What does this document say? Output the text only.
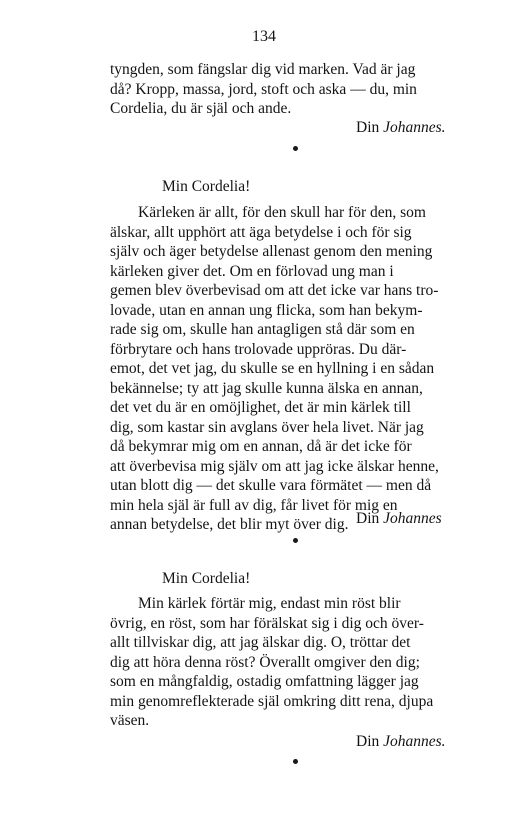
134

tyngden, som fängslar dig vid marken. Vad är jag

då? Kropp, massa, jord, stoft och aska — du, min

Cordelia, du är själ och ande.

Din Johannes.
Min Cordelia!

Kärleken är allt, för den skull har för den, som

älskar, allt upphört att äga betydelse i och för sig

själv och äger betydelse allenast genom den mening

kärleken giver det. Om en förlovad ung man i

gemen blev överbevisad om att det icke var hans tro-

lovade, utan en annan ung flicka, som han bekym-

rade sig om, skulle han antagligen stå där som en

förbrytare och hans trolovade uppröras. Du där-

emot, det vet jag, du skulle se en hyllning i en sådan

bekännelse; ty att jag skulle kunna älska en annan,

det vet du är en omöjlighet, det är min kärlek till

dig, som kastar sin avglans över hela livet. När jag

då bekymrar mig om en annan, då är det icke för

att överbevisa mig själv om att jag icke älskar henne,

utan blott dig — det skulle vara förmätet — men då

min hela själ är full av dig, får livet för mig en

annan betydelse, det blir myt över dig. Din Johannes
Min Cordelia!

Min kärlek förtär mig, endast min röst blir

övrig, en röst, som har förälskat sig i dig och över-

allt tillviskar dig, att jag älskar dig. O, tröttar det

dig att höra denna röst? Överallt omgiver den dig;

som en mångfaldig, ostadig omfattning lägger jag

min genomreflekterade själ omkring ditt rena, djupa

väsen.

Din Johannes.
